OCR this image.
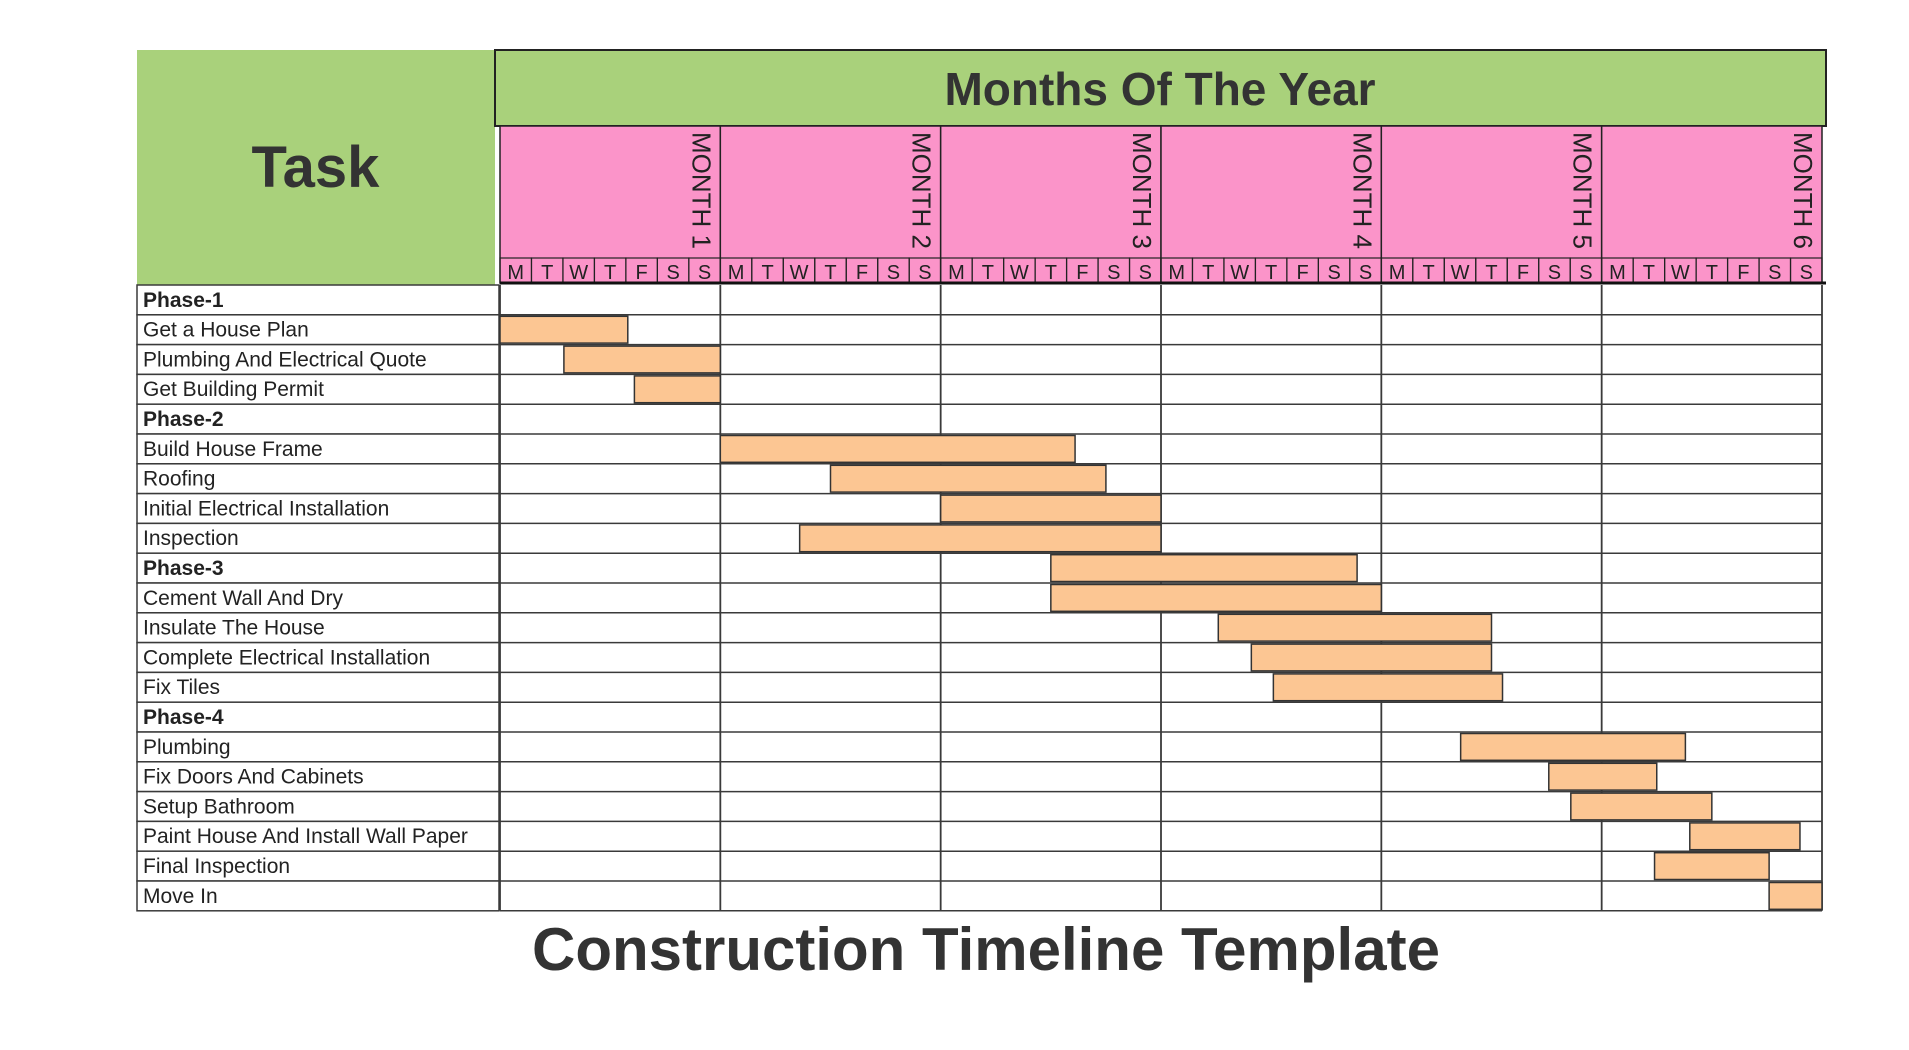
MONTH 1
M T W T F S S
MONTH 2
M T W T F S S
MONTH 3
M T W T F S S
MONTH 4
M T W T F S S
MONTH 5
M T W T F S S
MONTH 6
M T W T F S S
Phase-1
Get a House Plan
Plumbing And Electrical Quote
Get Building Permit
Phase-2
Build House Frame
Roofing
Initial Electrical Installation
Inspection
Phase-3
Cement Wall And Dry
Insulate The House
Complete Electrical Installation
Fix Tiles
Phase-4
Plumbing
Fix Doors And Cabinets
Setup Bathroom
Paint House And Install Wall Paper
Final Inspection
Move In
Task
Months Of The Year
Construction Timeline Template
